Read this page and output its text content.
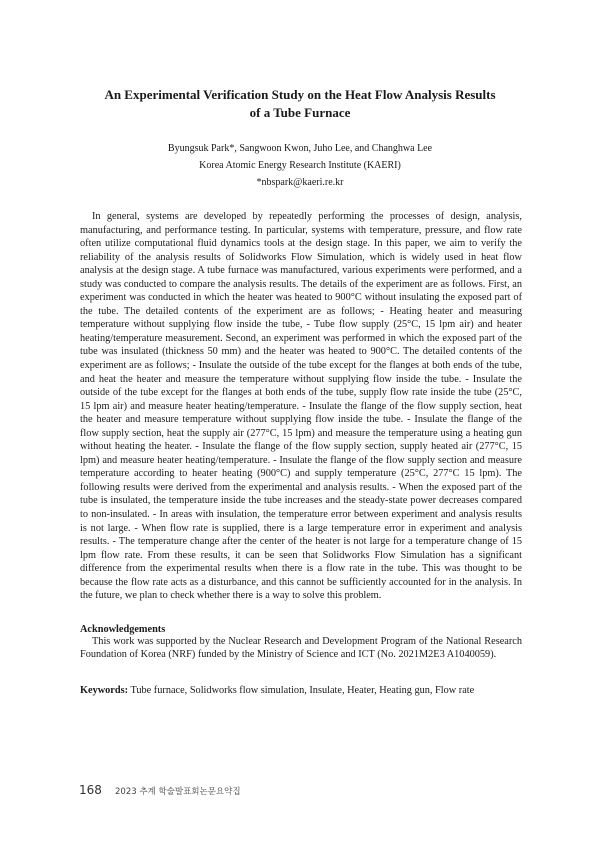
An Experimental Verification Study on the Heat Flow Analysis Results
of a Tube Furnace
Byungsuk Park*, Sangwoon Kwon, Juho Lee, and Changhwa Lee
Korea Atomic Energy Research Institute (KAERI)
*nbspark@kaeri.re.kr

In general, systems are developed by repeatedly performing the processes of design, analysis, manufacturing, and performance testing. In particular, systems with temperature, pressure, and flow rate often utilize computational fluid dynamics tools at the design stage. In this paper, we aim to verify the reliability of the analysis results of Solidworks Flow Simulation, which is widely used in heat flow analysis at the design stage. A tube furnace was manufactured, various experiments were performed, and a study was conducted to compare the analysis results. The details of the experiment are as follows. First, an experiment was conducted in which the heater was heated to 900°C without insulating the exposed part of the tube. The detailed contents of the experiment are as follows; - Heating heater and measuring temperature without supplying flow inside the tube, - Tube flow supply (25°C, 15 lpm air) and heater heating/temperature measurement. Second, an experiment was performed in which the exposed part of the tube was insulated (thickness 50 mm) and the heater was heated to 900°C. The detailed contents of the experiment are as follows; - Insulate the outside of the tube except for the flanges at both ends of the tube, and heat the heater and measure the temperature without supplying flow inside the tube. - Insulate the outside of the tube except for the flanges at both ends of the tube, supply flow rate inside the tube (25°C, 15 lpm air) and measure heater heating/temperature. - Insulate the flange of the flow supply section, heat the heater and measure temperature without supplying flow inside the tube. - Insulate the flange of the flow supply section, heat the supply air (277°C, 15 lpm) and measure the temperature using a heating gun without heating the heater. - Insulate the flange of the flow supply section, supply heated air (277°C, 15 lpm) and measure heater heating/temperature. - Insulate the flange of the flow supply section and measure temperature according to heater heating (900°C) and supply temperature (25°C, 277°C 15 lpm). The following results were derived from the experimental and analysis results. - When the exposed part of the tube is insulated, the temperature inside the tube increases and the steady-state power decreases compared to non-insulated. - In areas with insulation, the temperature error between experiment and analysis results is not large. - When flow rate is supplied, there is a large temperature error in experiment and analysis results. - The temperature change after the center of the heater is not large for a temperature change of 15 lpm flow rate. From these results, it can be seen that Solidworks Flow Simulation has a significant difference from the experimental results when there is a flow rate in the tube. This was thought to be because the flow rate acts as a disturbance, and this cannot be sufficiently accounted for in the analysis. In the future, we plan to check whether there is a way to solve this problem.

Acknowledgements

This work was supported by the Nuclear Research and Development Program of the National Research Foundation of Korea (NRF) funded by the Ministry of Science and ICT (No. 2021M2E3 A1040059).

Keywords: Tube furnace, Solidworks flow simulation, Insulate, Heater, Heating gun, Flow rate
168 2023 추계 학술발표회논문요약집
